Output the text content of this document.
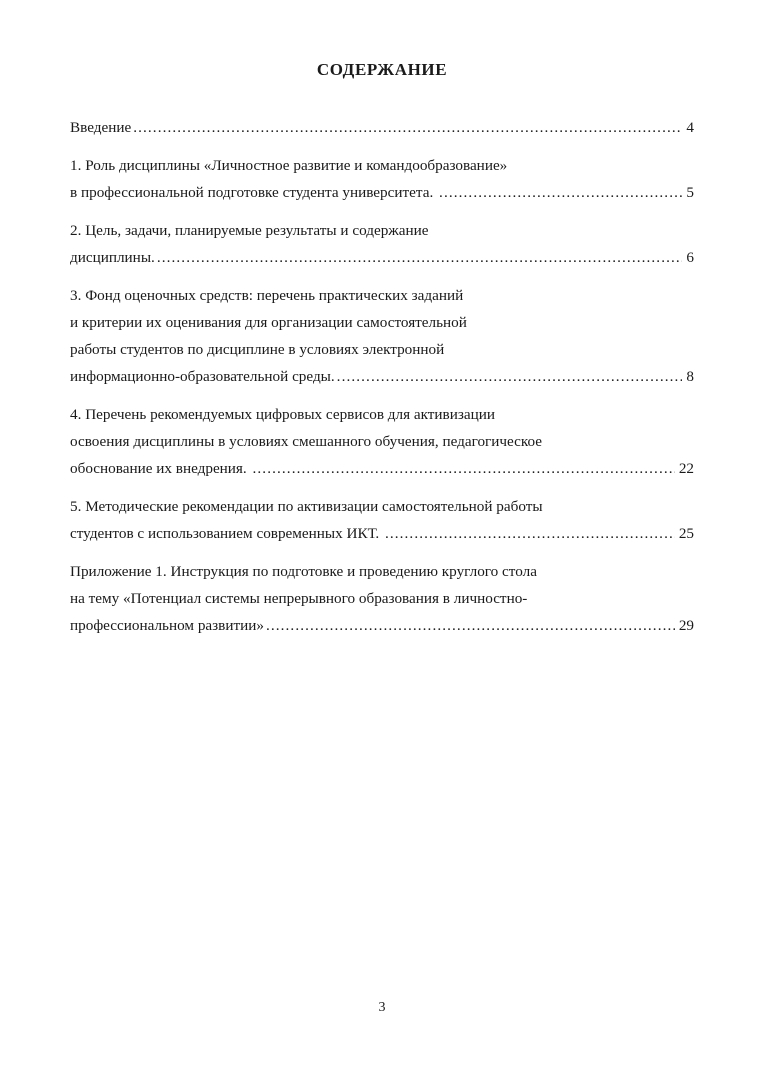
СОДЕРЖАНИЕ
Введение .....	4
1. Роль дисциплины «Личностное развитие и командообразование»
в профессиональной подготовке студента университета. .....	5
2. Цель, задачи, планируемые результаты и содержание
дисциплины. .....	6
3. Фонд оценочных средств: перечень практических заданий
и критерии их оценивания для организации самостоятельной
работы студентов по дисциплине в условиях электронной
информационно-образовательной среды. .....	8
4. Перечень рекомендуемых цифровых сервисов для активизации
освоения дисциплины в условиях смешанного обучения, педагогическое
обоснование их внедрения. .....	22
5. Методические рекомендации по активизации самостоятельной работы
студентов с использованием современных ИКТ. .....	25
Приложение 1. Инструкция по подготовке и проведению круглого стола
на тему «Потенциал системы непрерывного образования в личностно-
профессиональном развитии» .....	29
3
